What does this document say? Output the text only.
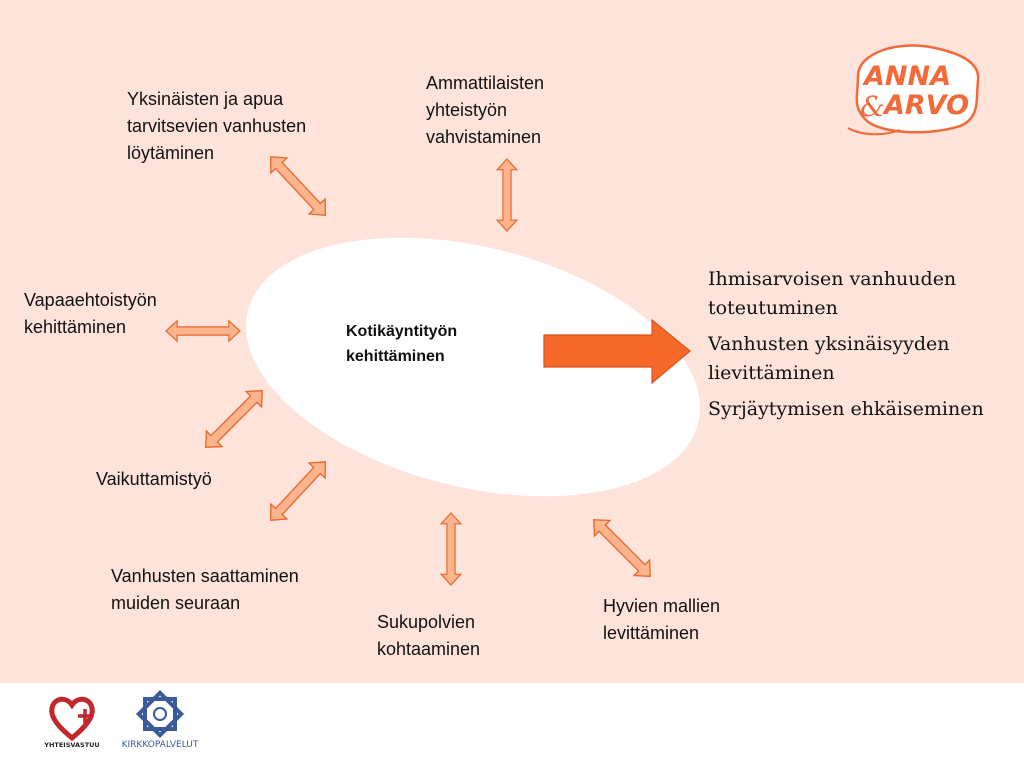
ANNA
& ARVO
YHTEISVASTUU KIRKKOPALVELUT
Kotikäyntityön
kehittäminen
Yksinäisten ja apua
tarvitsevien vanhusten
löytäminen
Ammattilaisten
yhteistyön
vahvistaminen
Vapaaehtoistyön
kehittäminen
Vaikuttamistyö
Vanhusten saattaminen
muiden seuraan
Sukupolvien
kohtaaminen
Hyvien mallien
levittäminen

Ihmisarvoisen vanhuuden
toteutuminen

Vanhusten yksinäisyyden
lievittäminen

Syrjäytymisen ehkäiseminen
